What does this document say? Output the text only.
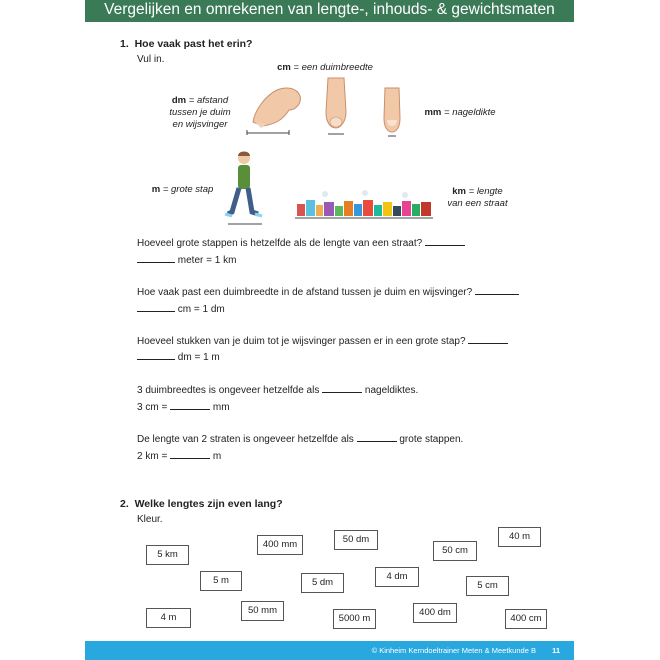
Vergelijken en omrekenen van lengte-, inhouds- & gewichtsmaten
1.  Hoe vaak past het erin?
Vul in.
cm = een duimbreedte
dm = afstand
tussen je duim
en wijsvinger
mm = nageldikte
m = grote stap	km = lengte
van een straat
Hoeveel grote stappen is hetzelfde als de lengte van een straat?
meter = 1 km
Hoe vaak past een duimbreedte in de afstand tussen je duim en wijsvinger?
cm = 1 dm
Hoeveel stukken van je duim tot je wijsvinger passen er in een grote stap?
dm = 1 m
3 duimbreedtes is ongeveer hetzelfde als	nageldiktes.
3 cm =	mm
De lengte van 2 straten is ongeveer hetzelfde als	grote stappen.
2 km =	m
2.  Welke lengtes zijn even lang?
Kleur.
5 km
400 mm	50 dm
50 cm
40 m
5 m	5 dm
4 dm
5 cm
4 m
50 mm
5000 m
400 dm
400 cm
© Kinheim Kerndoeltrainer Meten & Meetkunde B 11
